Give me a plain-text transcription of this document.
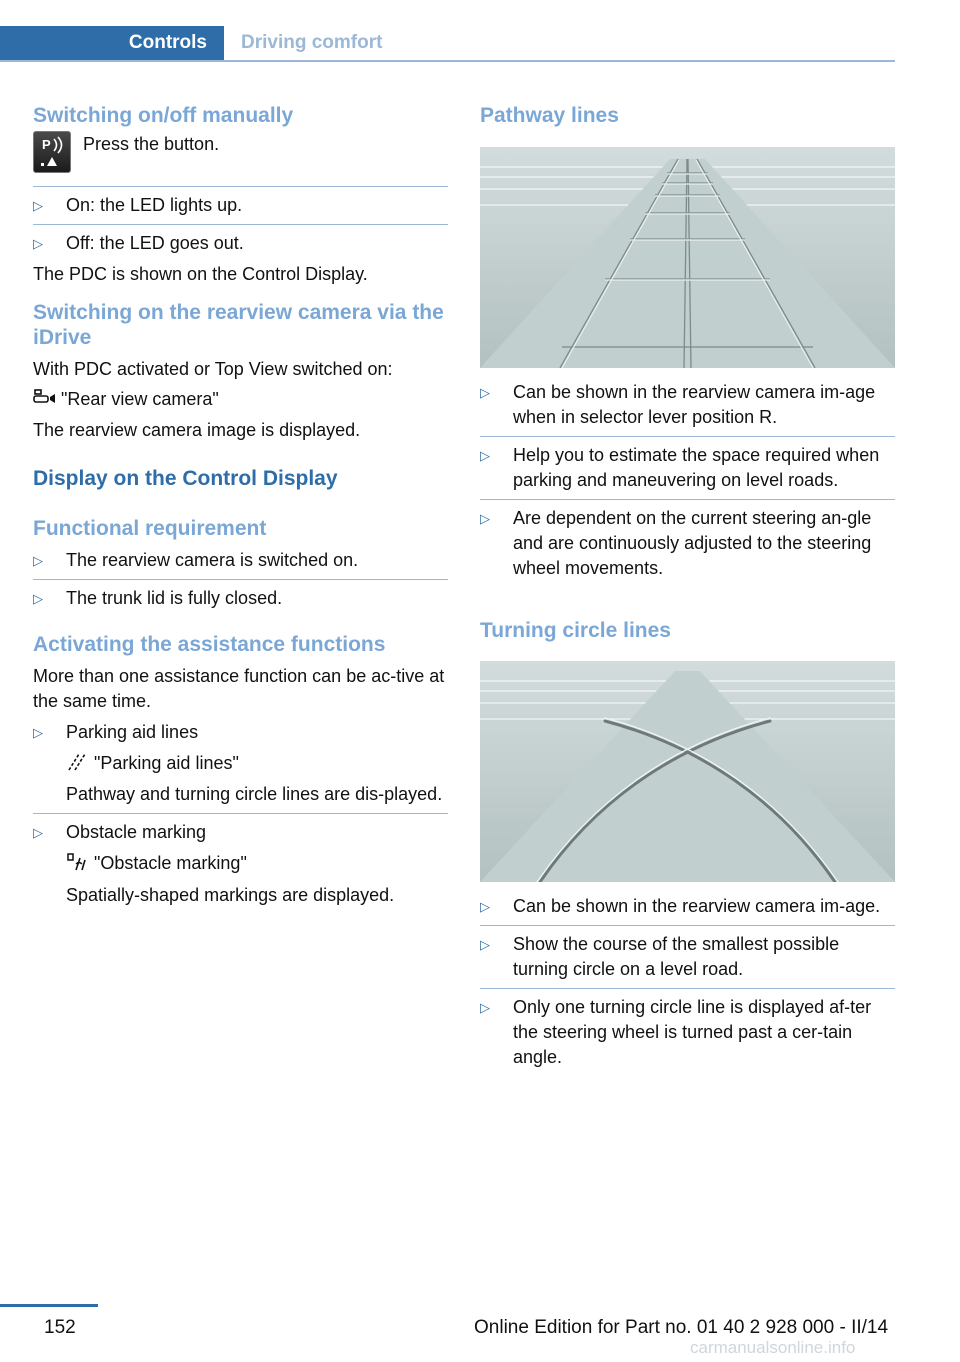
Controls	Driving comfort
Switching on/off manually
P Press the button.
▷	On: the LED lights up.
▷	Off: the LED goes out.
The PDC is shown on the Control Display.
Switching on the rearview camera via the iDrive
With PDC activated or Top View switched on:
"Rear view camera"
The rearview camera image is displayed.
Display on the Control Display
Functional requirement
▷	The rearview camera is switched on.
▷	The trunk lid is fully closed.
Activating the assistance functions
More than one assistance function can be ac‐tive at the same time.
▷	Parking aid lines
"Parking aid lines"
Pathway and turning circle lines are dis‐played.
▷	Obstacle marking
"Obstacle marking"
Spatially-shaped markings are displayed.
Pathway lines
▷	Can be shown in the rearview camera im‐age when in selector lever position R.
▷	Help you to estimate the space required when parking and maneuvering on level roads.
▷	Are dependent on the current steering an‐gle and are continuously adjusted to the steering wheel movements.
Turning circle lines
▷	Can be shown in the rearview camera im‐age.
▷	Show the course of the smallest possible turning circle on a level road.
▷	Only one turning circle line is displayed af‐ter the steering wheel is turned past a cer‐tain angle.
152	Online Edition for Part no. 01 40 2 928 000 - II/14
carmanualsonline.info
